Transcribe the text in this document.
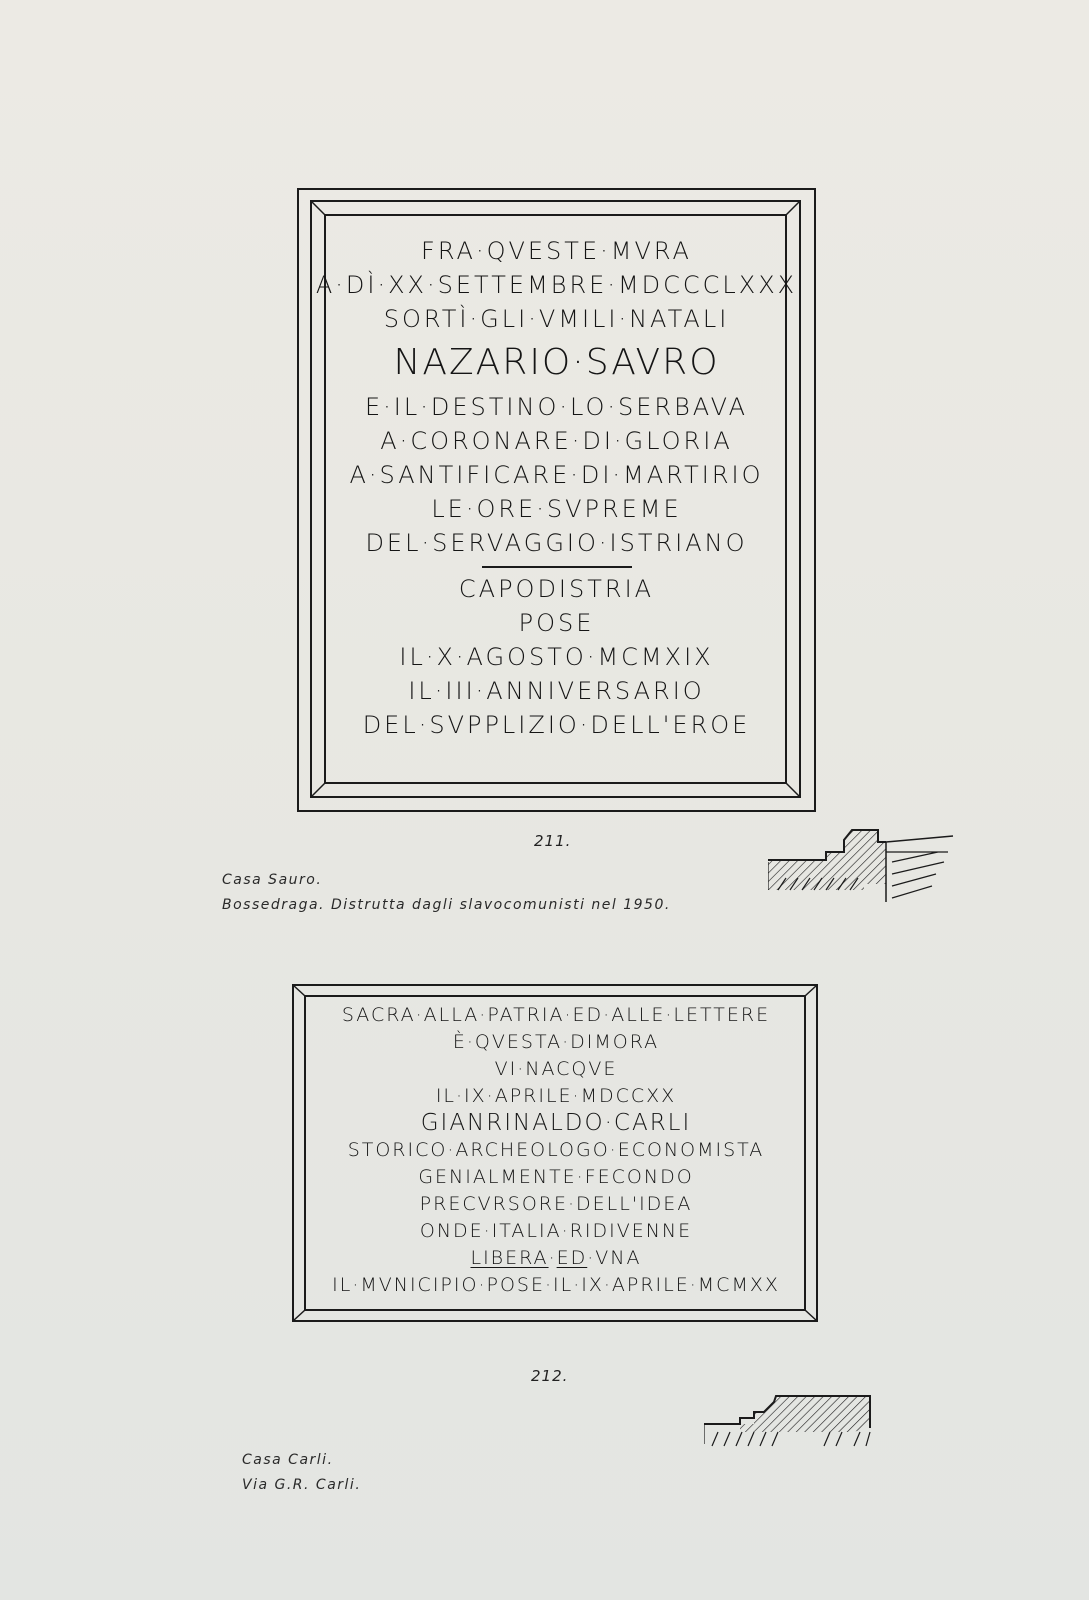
FRA·QVESTE·MVRA
A·DÌ·XX·SETTEMBRE·MDCCCLXXX
SORTÌ·GLI·VMILI·NATALI
NAZARIO·SAVRO
E·IL·DESTINO·LO·SERBAVA
A·CORONARE·DI·GLORIA
A·SANTIFICARE·DI·MARTIRIO
LE·ORE·SVPREME
DEL·SERVAGGIO·ISTRIANO
CAPODISTRIA
POSE
IL·X·AGOSTO·MCMXIX
IL·III·ANNIVERSARIO
DEL·SVPPLIZIO·DELL'EROE
211.
Casa Sauro.
Bossedraga. Distrutta dagli slavocomunisti nel 1950.
SACRA·ALLA·PATRIA·ED·ALLE·LETTERE
È·QVESTA·DIMORA
VI·NACQVE
IL·IX·APRILE·MDCCXX
GIANRINALDO·CARLI
STORICO·ARCHEOLOGO·ECONOMISTA
GENIALMENTE·FECONDO
PRECVRSORE·DELL'IDEA
ONDE·ITALIA·RIDIVENNE
LIBERA·ED·VNA
IL·MVNICIPIO·POSE·IL·IX·APRILE·MCMXX
212.
Casa Carli.
Via G.R. Carli.
